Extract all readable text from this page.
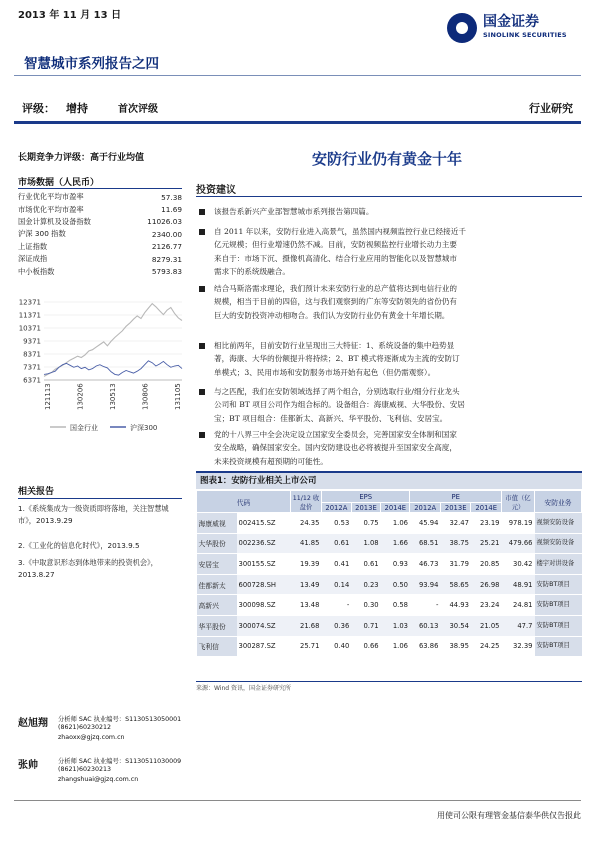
2013 年 11 月 13 日
智慧城市系列报告之四
国金证券
SINOLINK SECURITIES
评级： 增持	首次评级	行业研究
长期竞争力评级：高于行业均值
市场数据（人民币）
行业优化平均市盈率	57.38
市场优化平均市盈率	11.69
国金计算机及设备指数	11026.03
沪深 300 指数	2340.00
上证指数	2126.77
深证成指	8279.31
中小板指数	5793.83
12371
11371
10371
9371
8371
7371
6371
121113	130206	130513	130806	131105
国金行业	沪深300
相关报告
1.《系统集成为一级资质即将落地，关注智慧城市》，2013.9.29
2.《工业化的信息化时代》，2013.9.5
3.《中取意识形态到体地带来的投资机会》，2013.8.27
赵旭翔 分析师 SAC 执业编号：S1130513050001
(8621)60230212
zhaoxx@gjzq.com.cn
张帅	分析师 SAC 执业编号：S1130511030009
(8621)60230213
zhangshuai@gjzq.com.cn
安防行业仍有黄金十年
投资建议
该报告系新兴产业部智慧城市系列报告第四篇。
自 2011 年以来，安防行业进入高景气，虽然国内视频监控行业已经接近千
亿元规模；但行业增速仍然不减。目前，安防视频监控行业增长动力主要
来自于：市场下沉、摄像机高清化、结合行业应用的智能化以及智慧城市
需求下的系统级融合。
结合马斯洛需求理论，我们预计未来安防行业的总产值将达到电信行业的
规模，相当于目前的四倍，这与我们观察到的广东等安防领先的省份仍有
巨大的安防投资冲动相吻合。我们认为安防行业仍有黄金十年增长期。
相比前两年，目前安防行业呈现出三大特征：1、系统设备的集中趋势显
著，海康、大华的份额提升将持续；2、BT 模式将逐渐成为主流的安防订
单模式；3、民用市场和安防服务市场开始有起色（但仍需观察）。
与之匹配，我们在安防领域选择了两个组合，分别选取行业/细分行业龙头
公司和 BT 项目公司作为组合标的。设备组合：海康威视、大华股份、安居
宝；BT 项目组合：佳都新太、高新兴、华平股份、飞利信、安居宝。
党的十八界三中全会决定设立国家安全委员会，完善国家安全体制和国家
安全战略，确保国家安全。国内安防建设也必将被提升至国家安全高度，
未来投资规模有超预期的可能性。
图表1：安防行业相关上市公司
代码		11/12 收盘价	EPS			PE			市值（亿元）	安防业务
			2012A	2013E	2014E	2012A	2013E	2014E		
海康威视	002415.SZ	24.35	0.53	0.75	1.06	45.94	32.47	23.19	978.19	视频安防设备
大华股份	002236.SZ	41.85	0.61	1.08	1.66	68.51	38.75	25.21	479.66	视频安防设备
安居宝	300155.SZ	19.39	0.41	0.61	0.93	46.73	31.79	20.85	30.42	楼宇对讲设备
佳都新太	600728.SH	13.49	0.14	0.23	0.50	93.94	58.65	26.98	48.91	安防BT项目
高新兴	300098.SZ	13.48	-	0.30	0.58	-	44.93	23.24	24.81	安防BT项目
华平股份	300074.SZ	21.68	0.36	0.71	1.03	60.13	30.54	21.05	47.7	安防BT项目
飞利信	300287.SZ	25.71	0.40	0.66	1.06	63.86	38.95	24.25	32.39	安防BT项目
来源：Wind 资讯，国金证券研究所
用使司公限有理管金基信泰华供仅告报此
